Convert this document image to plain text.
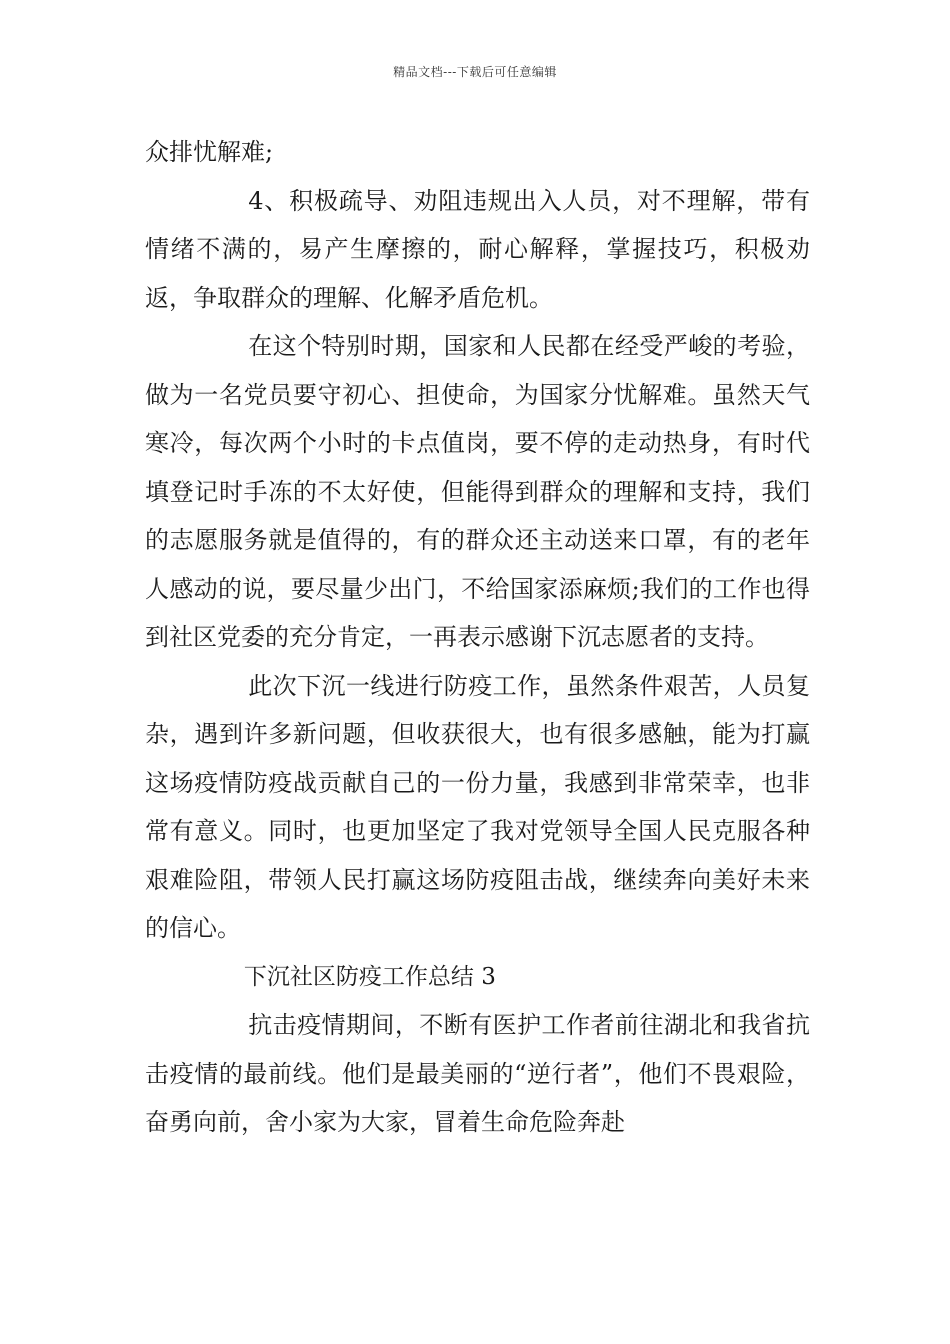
精品文档---下载后可任意编辑

众排忧解难;

4、积极疏导、劝阻违规出入人员，对不理解，带有情绪不满的，易产生摩擦的，耐心解释，掌握技巧，积极劝返，争取群众的理解、化解矛盾危机。

在这个特别时期，国家和人民都在经受严峻的考验，做为一名党员要守初心、担使命，为国家分忧解难。虽然天气寒冷，每次两个小时的卡点值岗，要不停的走动热身，有时代填登记时手冻的不太好使，但能得到群众的理解和支持，我们的志愿服务就是值得的，有的群众还主动送来口罩，有的老年人感动的说，要尽量少出门，不给国家添麻烦;我们的工作也得到社区党委的充分肯定，一再表示感谢下沉志愿者的支持。

此次下沉一线进行防疫工作，虽然条件艰苦，人员复杂，遇到许多新问题，但收获很大，也有很多感触，能为打赢这场疫情防疫战贡献自己的一份力量，我感到非常荣幸，也非常有意义。同时，也更加坚定了我对党领导全国人民克服各种艰难险阻，带领人民打赢这场防疫阻击战，继续奔向美好未来的信心。

下沉社区防疫工作总结 3

抗击疫情期间，不断有医护工作者前往湖北和我省抗击疫情的最前线。他们是最美丽的“逆行者”，他们不畏艰险，奋勇向前，舍小家为大家，冒着生命危险奔赴
